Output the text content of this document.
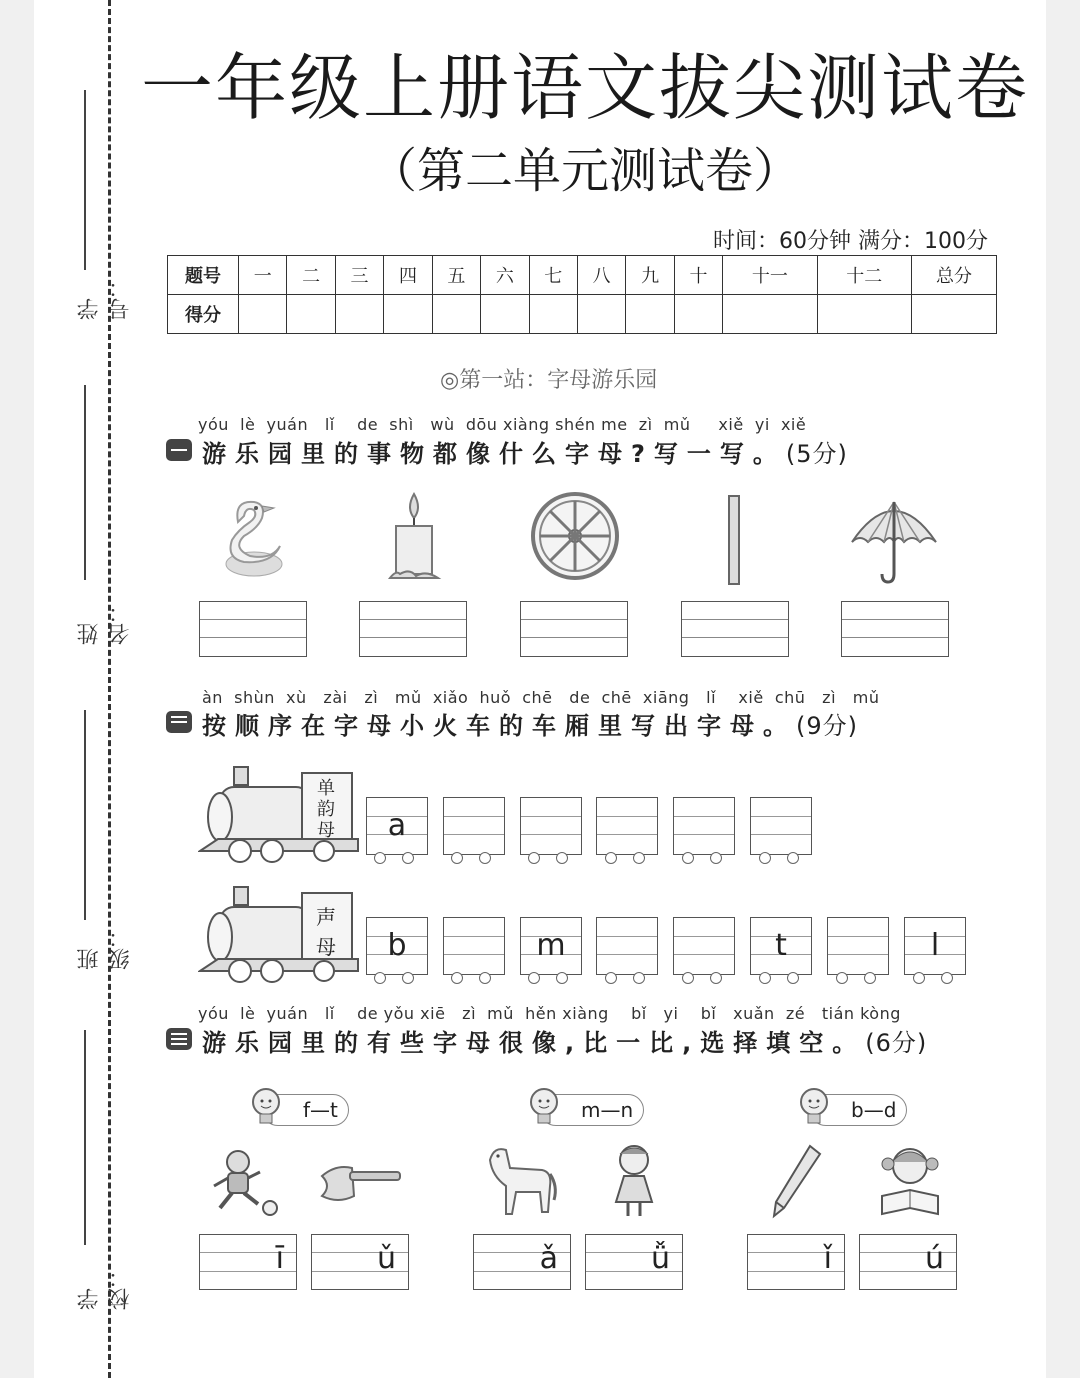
学号：
姓名：
班级：
学校：
一年级上册语文拔尖测试卷
（第二单元测试卷）
时间：60分钟 满分：100分
题号	一	二	三	四	五	六	七	八	九	十	十一	十二	总分
得分													
◎第一站：字母游乐园
yóu  lè  yuán   lǐ    de  shì   wù  dōu xiàng shén me  zì  mǔ     xiě  yi  xiě
游乐园里的事物都像什么字母?写一写。(5分)
àn  shùn  xù   zài   zì   mǔ  xiǎo  huǒ  chē   de  chē  xiāng   lǐ    xiě  chū   zì   mǔ
按顺序在字母小火车的车厢里写出字母。(9分)
单韵母	a
声母	b	m	t	l
yóu  lè  yuán   lǐ    de yǒu xiē   zì  mǔ  hěn xiàng    bǐ   yi    bǐ   xuǎn  zé   tián kòng
游乐园里的有些字母很像,比一比,选择填空。(6分)
f—t	m—n	b—d
ī	ǔ	ǎ	ǚ	ǐ	ú
